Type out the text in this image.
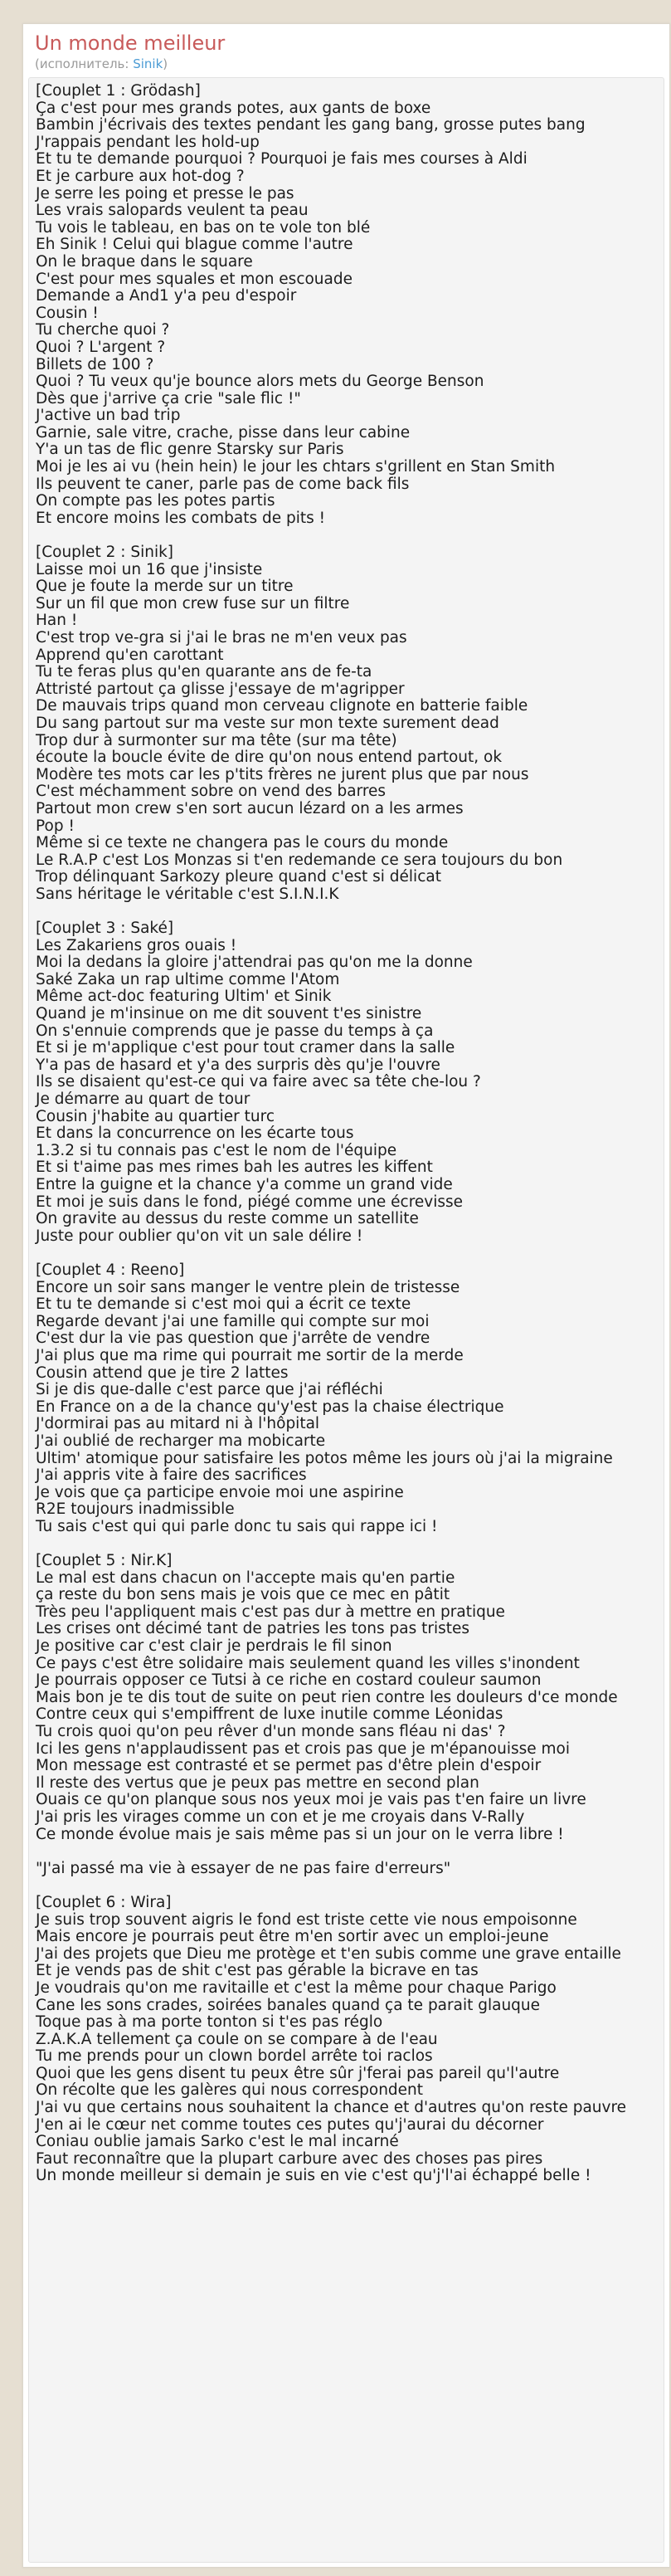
Un monde meilleur
(исполнитель: Sinik)
[Couplet 1 : Grödash]
Ça c'est pour mes grands potes, aux gants de boxe
Bambin j'écrivais des textes pendant les gang bang, grosse putes bang
J'rappais pendant les hold-up
Et tu te demande pourquoi ? Pourquoi je fais mes courses à Aldi
Et je carbure aux hot-dog ?
Je serre les poing et presse le pas
Les vrais salopards veulent ta peau
Tu vois le tableau, en bas on te vole ton blé
Eh Sinik ! Celui qui blague comme l'autre
On le braque dans le square
C'est pour mes squales et mon escouade
Demande a And1 y'a peu d'espoir
Cousin !
Tu cherche quoi ?
Quoi ? L'argent ?
Billets de 100 ?
Quoi ? Tu veux qu'je bounce alors mets du George Benson
Dès que j'arrive ça crie "sale flic !"
J'active un bad trip
Garnie, sale vitre, crache, pisse dans leur cabine
Y'a un tas de flic genre Starsky sur Paris
Moi je les ai vu (hein hein) le jour les chtars s'grillent en Stan Smith
Ils peuvent te caner, parle pas de come back fils
On compte pas les potes partis
Et encore moins les combats de pits !
[Couplet 2 : Sinik]
Laisse moi un 16 que j'insiste
Que je foute la merde sur un titre
Sur un fil que mon crew fuse sur un filtre
Han !
C'est trop ve-gra si j'ai le bras ne m'en veux pas
Apprend qu'en carottant
Tu te feras plus qu'en quarante ans de fe-ta
Attristé partout ça glisse j'essaye de m'agripper
De mauvais trips quand mon cerveau clignote en batterie faible
Du sang partout sur ma veste sur mon texte surement dead
Trop dur à surmonter sur ma tête (sur ma tête)
écoute la boucle évite de dire qu'on nous entend partout, ok
Modère tes mots car les p'tits frères ne jurent plus que par nous
C'est méchamment sobre on vend des barres
Partout mon crew s'en sort aucun lézard on a les armes
Pop !
Même si ce texte ne changera pas le cours du monde
Le R.A.P c'est Los Monzas si t'en redemande ce sera toujours du bon
Trop délinquant Sarkozy pleure quand c'est si délicat
Sans héritage le véritable c'est S.I.N.I.K
[Couplet 3 : Saké]
Les Zakariens gros ouais !
Moi la dedans la gloire j'attendrai pas qu'on me la donne
Saké Zaka un rap ultime comme l'Atom
Même act-doc featuring Ultim' et Sinik
Quand je m'insinue on me dit souvent t'es sinistre
On s'ennuie comprends que je passe du temps à ça
Et si je m'applique c'est pour tout cramer dans la salle
Y'a pas de hasard et y'a des surpris dès qu'je l'ouvre
Ils se disaient qu'est-ce qui va faire avec sa tête che-lou ?
Je démarre au quart de tour
Cousin j'habite au quartier turc
Et dans la concurrence on les écarte tous
1.3.2 si tu connais pas c'est le nom de l'équipe
Et si t'aime pas mes rimes bah les autres les kiffent
Entre la guigne et la chance y'a comme un grand vide
Et moi je suis dans le fond, piégé comme une écrevisse
On gravite au dessus du reste comme un satellite
Juste pour oublier qu'on vit un sale délire !
[Couplet 4 : Reeno]
Encore un soir sans manger le ventre plein de tristesse
Et tu te demande si c'est moi qui a écrit ce texte
Regarde devant j'ai une famille qui compte sur moi
C'est dur la vie pas question que j'arrête de vendre
J'ai plus que ma rime qui pourrait me sortir de la merde
Cousin attend que je tire 2 lattes
Si je dis que-dalle c'est parce que j'ai réfléchi
En France on a de la chance qu'y'est pas la chaise électrique
J'dormirai pas au mitard ni à l'hôpital
J'ai oublié de recharger ma mobicarte
Ultim' atomique pour satisfaire les potos même les jours où j'ai la migraine
J'ai appris vite à faire des sacrifices
Je vois que ça participe envoie moi une aspirine
R2E toujours inadmissible
Tu sais c'est qui qui parle donc tu sais qui rappe ici !
[Couplet 5 : Nir.K]
Le mal est dans chacun on l'accepte mais qu'en partie
ça reste du bon sens mais je vois que ce mec en pâtit
Très peu l'appliquent mais c'est pas dur à mettre en pratique
Les crises ont décimé tant de patries les tons pas tristes
Je positive car c'est clair je perdrais le fil sinon
Ce pays c'est être solidaire mais seulement quand les villes s'inondent
Je pourrais opposer ce Tutsi à ce riche en costard couleur saumon
Mais bon je te dis tout de suite on peut rien contre les douleurs d'ce monde
Contre ceux qui s'empiffrent de luxe inutile comme Léonidas
Tu crois quoi qu'on peu rêver d'un monde sans fléau ni das' ?
Ici les gens n'applaudissent pas et crois pas que je m'épanouisse moi
Mon message est contrasté et se permet pas d'être plein d'espoir
Il reste des vertus que je peux pas mettre en second plan
Ouais ce qu'on planque sous nos yeux moi je vais pas t'en faire un livre
J'ai pris les virages comme un con et je me croyais dans V-Rally
Ce monde évolue mais je sais même pas si un jour on le verra libre !
"J'ai passé ma vie à essayer de ne pas faire d'erreurs"
[Couplet 6 : Wira]
Je suis trop souvent aigris le fond est triste cette vie nous empoisonne
Mais encore je pourrais peut être m'en sortir avec un emploi-jeune
J'ai des projets que Dieu me protège et t'en subis comme une grave entaille
Et je vends pas de shit c'est pas gérable la bicrave en tas
Je voudrais qu'on me ravitaille et c'est la même pour chaque Parigo
Cane les sons crades, soirées banales quand ça te parait glauque
Toque pas à ma porte tonton si t'es pas réglo
Z.A.K.A tellement ça coule on se compare à de l'eau
Tu me prends pour un clown bordel arrête toi raclos
Quoi que les gens disent tu peux être sûr j'ferai pas pareil qu'l'autre
On récolte que les galères qui nous correspondent
J'ai vu que certains nous souhaitent la chance et d'autres qu'on reste pauvre
J'en ai le cœur net comme toutes ces putes qu'j'aurai du décorner
Coniau oublie jamais Sarko c'est le mal incarné
Faut reconnaître que la plupart carbure avec des choses pas pires
Un monde meilleur si demain je suis en vie c'est qu'j'l'ai échappé belle !
